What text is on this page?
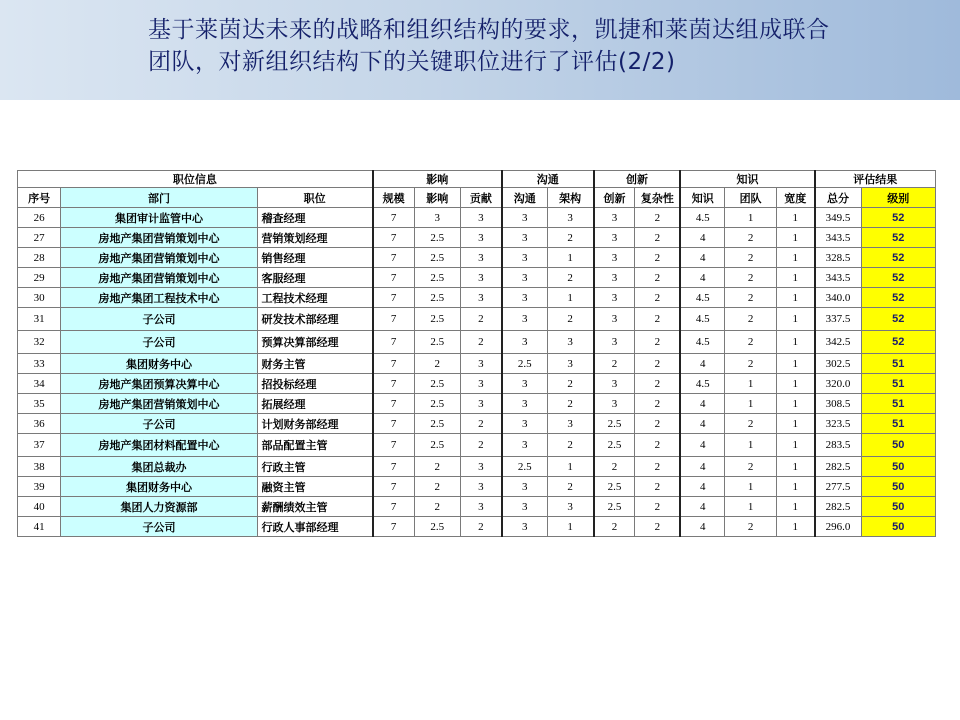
基于莱茵达未来的战略和组织结构的要求，凯捷和莱茵达组成联合
团队，对新组织结构下的关键职位进行了评估(2/2)
职位信息			影响			沟通		创新		知识			评估结果	
序号	部门	职位	规模	影响	贡献	沟通	架构	创新	复杂性	知识	团队	宽度	总分	级别
26	集团审计监管中心	稽查经理	7	3	3	3	3	3	2	4.5	1	1	349.5	52
27	房地产集团营销策划中心	营销策划经理	7	2.5	3	3	2	3	2	4	2	1	343.5	52
28	房地产集团营销策划中心	销售经理	7	2.5	3	3	1	3	2	4	2	1	328.5	52
29	房地产集团营销策划中心	客服经理	7	2.5	3	3	2	3	2	4	2	1	343.5	52
30	房地产集团工程技术中心	工程技术经理	7	2.5	3	3	1	3	2	4.5	2	1	340.0	52
31	子公司	研发技术部经理	7	2.5	2	3	2	3	2	4.5	2	1	337.5	52
32	子公司	预算决算部经理	7	2.5	2	3	3	3	2	4.5	2	1	342.5	52
33	集团财务中心	财务主管	7	2	3	2.5	3	2	2	4	2	1	302.5	51
34	房地产集团预算决算中心	招投标经理	7	2.5	3	3	2	3	2	4.5	1	1	320.0	51
35	房地产集团营销策划中心	拓展经理	7	2.5	3	3	2	3	2	4	1	1	308.5	51
36	子公司	计划财务部经理	7	2.5	2	3	3	2.5	2	4	2	1	323.5	51
37	房地产集团材料配置中心	部品配置主管	7	2.5	2	3	2	2.5	2	4	1	1	283.5	50
38	集团总裁办	行政主管	7	2	3	2.5	1	2	2	4	2	1	282.5	50
39	集团财务中心	融资主管	7	2	3	3	2	2.5	2	4	1	1	277.5	50
40	集团人力资源部	薪酬绩效主管	7	2	3	3	3	2.5	2	4	1	1	282.5	50
41	子公司	行政人事部经理	7	2.5	2	3	1	2	2	4	2	1	296.0	50
